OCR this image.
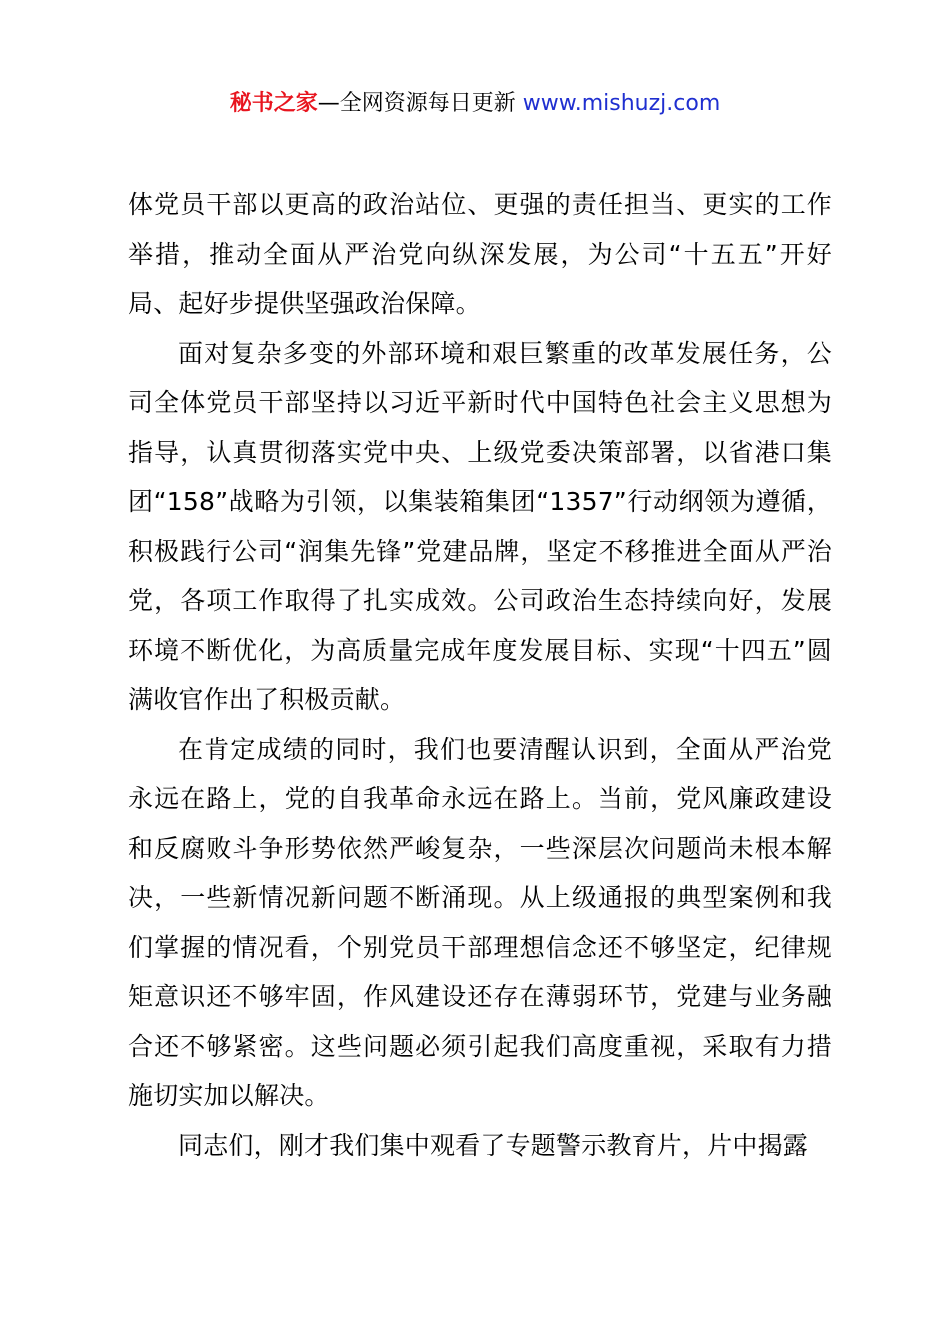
秘书之家—全网资源每日更新 www.mishuzj.com

体党员干部以更高的政治站位、更强的责任担当、更实的工作举措，推动全面从严治党向纵深发展，为公司“十五五”开好局、起好步提供坚强政治保障。

面对复杂多变的外部环境和艰巨繁重的改革发展任务，公司全体党员干部坚持以习近平新时代中国特色社会主义思想为指导，认真贯彻落实党中央、上级党委决策部署，以省港口集团“158”战略为引领，以集装箱集团“1357”行动纲领为遵循，积极践行公司“润集先锋”党建品牌，坚定不移推进全面从严治党，各项工作取得了扎实成效。公司政治生态持续向好，发展环境不断优化，为高质量完成年度发展目标、实现“十四五”圆满收官作出了积极贡献。

在肯定成绩的同时，我们也要清醒认识到，全面从严治党永远在路上，党的自我革命永远在路上。当前，党风廉政建设和反腐败斗争形势依然严峻复杂，一些深层次问题尚未根本解决，一些新情况新问题不断涌现。从上级通报的典型案例和我们掌握的情况看，个别党员干部理想信念还不够坚定，纪律规矩意识还不够牢固，作风建设还存在薄弱环节，党建与业务融合还不够紧密。这些问题必须引起我们高度重视，采取有力措施切实加以解决。

同志们，刚才我们集中观看了专题警示教育片，片中揭露
